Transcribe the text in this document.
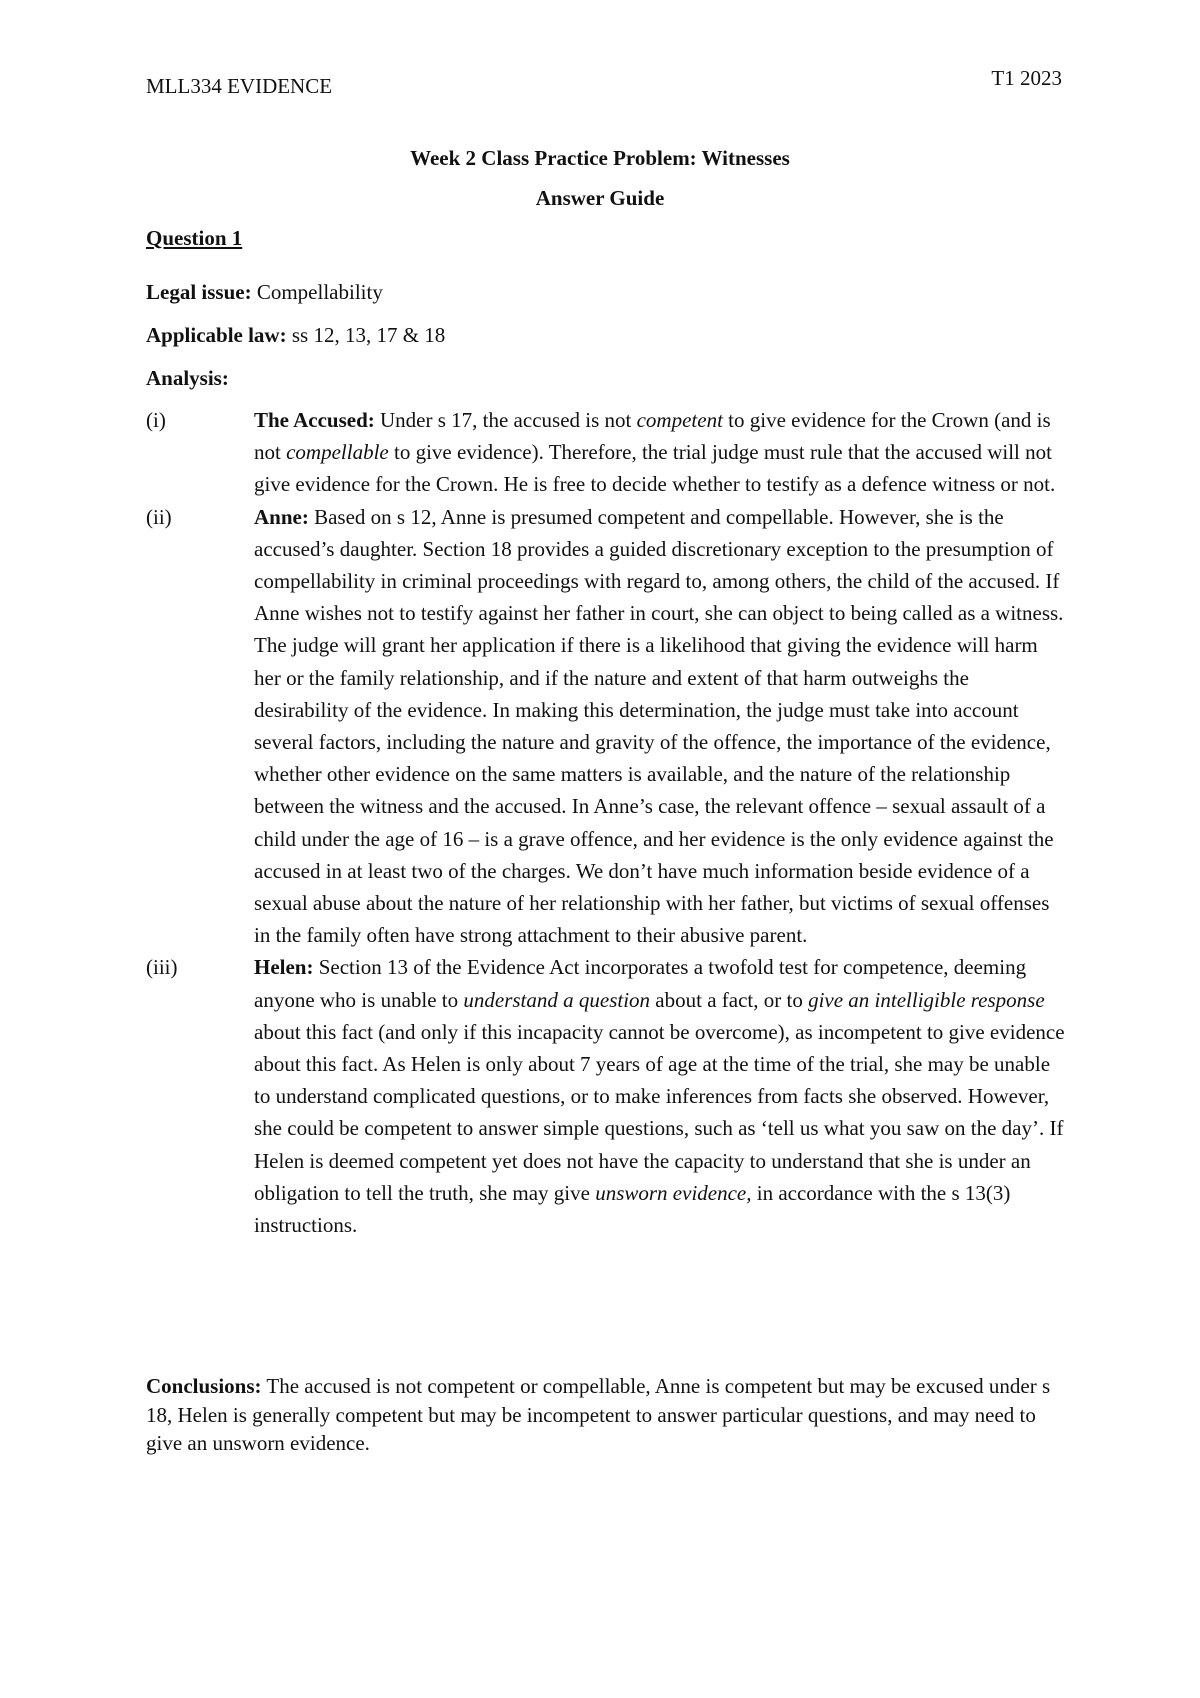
MLL334 EVIDENCE	T1 2023
Week 2 Class Practice Problem: Witnesses
Answer Guide
Question 1
Legal issue: Compellability
Applicable law: ss 12, 13, 17 & 18
Analysis:
(i)	The Accused: Under s 17, the accused is not competent to give evidence for the Crown (and is not compellable to give evidence). Therefore, the trial judge must rule that the accused will not give evidence for the Crown. He is free to decide whether to testify as a defence witness or not.
(ii)	Anne: Based on s 12, Anne is presumed competent and compellable. However, she is the accused’s daughter. Section 18 provides a guided discretionary exception to the presumption of compellability in criminal proceedings with regard to, among others, the child of the accused. If Anne wishes not to testify against her father in court, she can object to being called as a witness. The judge will grant her application if there is a likelihood that giving the evidence will harm her or the family relationship, and if the nature and extent of that harm outweighs the desirability of the evidence. In making this determination, the judge must take into account several factors, including the nature and gravity of the offence, the importance of the evidence, whether other evidence on the same matters is available, and the nature of the relationship between the witness and the accused. In Anne’s case, the relevant offence – sexual assault of a child under the age of 16 – is a grave offence, and her evidence is the only evidence against the accused in at least two of the charges. We don’t have much information beside evidence of a sexual abuse about the nature of her relationship with her father, but victims of sexual offenses in the family often have strong attachment to their abusive parent.
(iii)	Helen: Section 13 of the Evidence Act incorporates a twofold test for competence, deeming anyone who is unable to understand a question about a fact, or to give an intelligible response about this fact (and only if this incapacity cannot be overcome), as incompetent to give evidence about this fact. As Helen is only about 7 years of age at the time of the trial, she may be unable to understand complicated questions, or to make inferences from facts she observed. However, she could be competent to answer simple questions, such as ‘tell us what you saw on the day’. If Helen is deemed competent yet does not have the capacity to understand that she is under an obligation to tell the truth, she may give unsworn evidence, in accordance with the s 13(3) instructions.
Conclusions: The accused is not competent or compellable, Anne is competent but may be excused under s 18, Helen is generally competent but may be incompetent to answer particular questions, and may need to give an unsworn evidence.
